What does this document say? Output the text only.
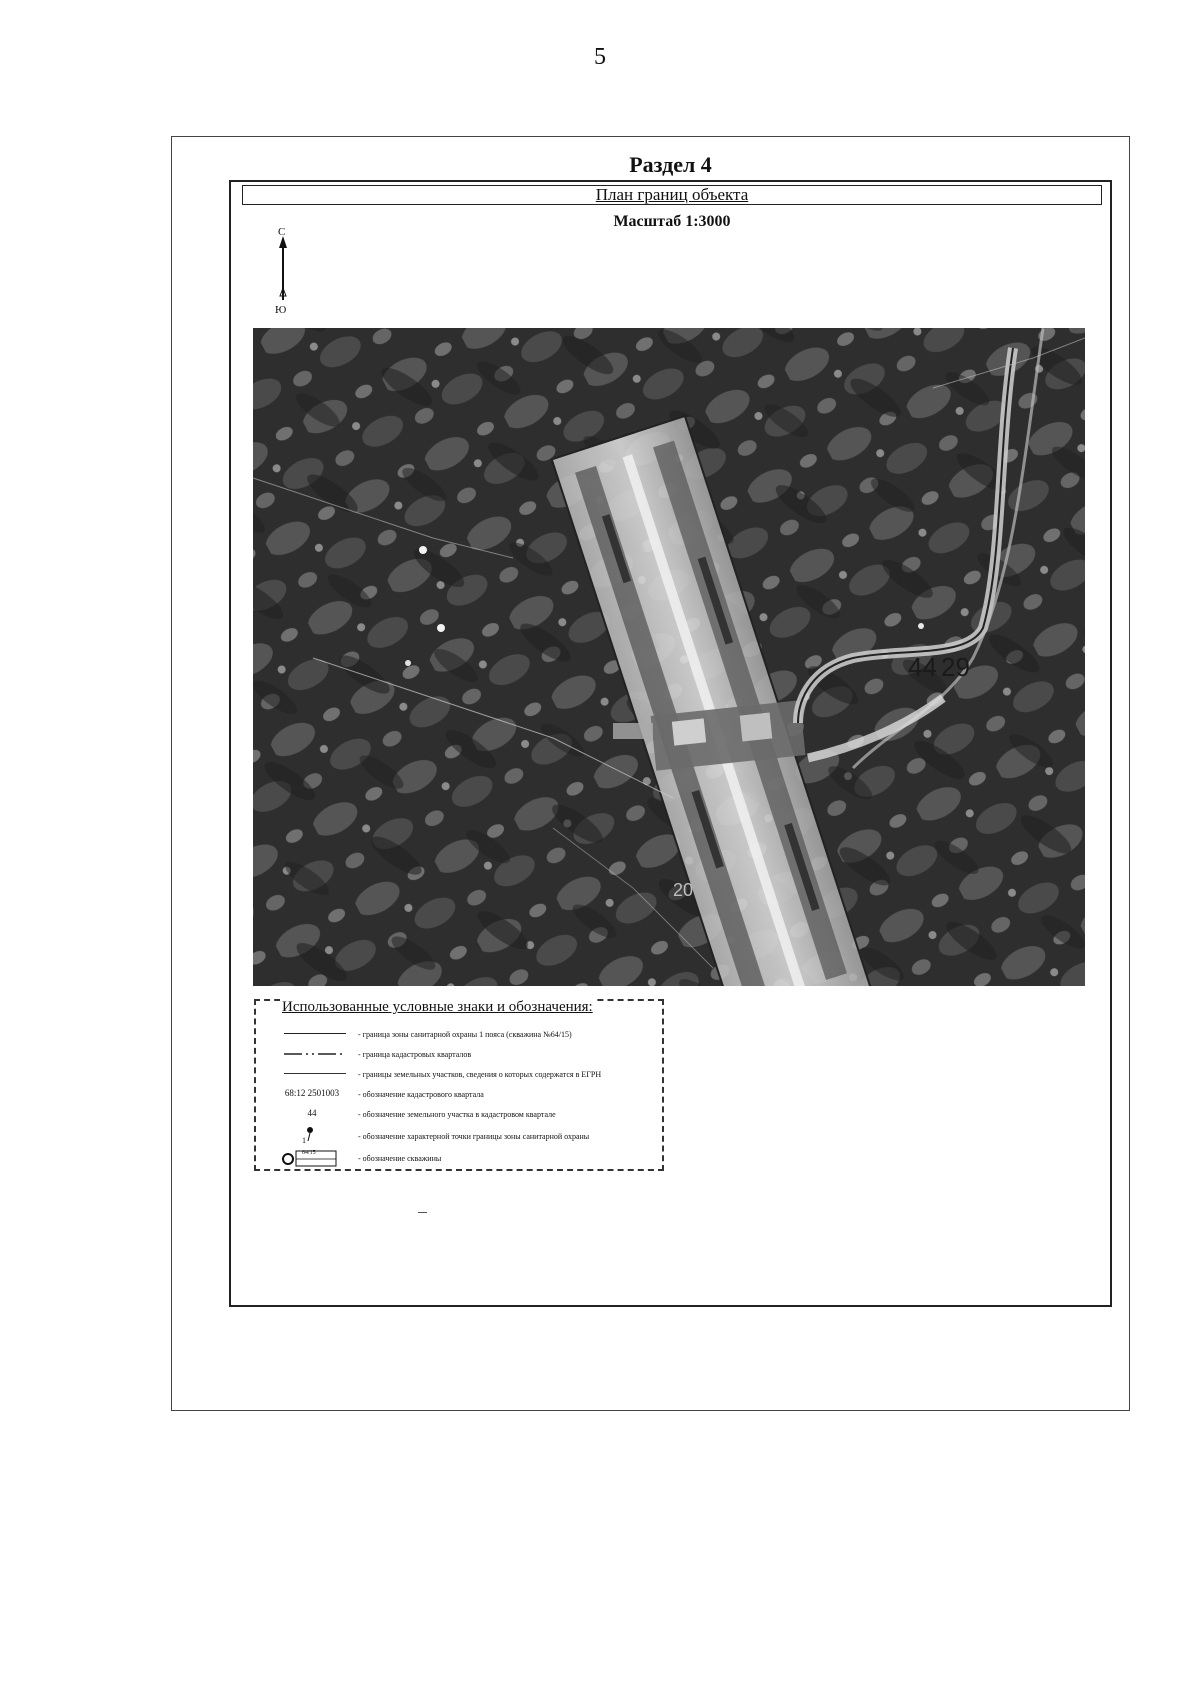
5
Раздел 4
План границ объекта
Масштаб 1:3000
С
Ю
44 29
20
Использованные условные знаки и обозначения:
- граница зоны санитарной охраны 1 пояса (скважина №64/15)
- граница кадастровых кварталов
- границы земельных участков, сведения о которых содержатся в ЕГРН
68:12 2501003	- обозначение кадастрового квартала
44	- обозначение земельного участка в кадастровом квартале
1	- обозначение характерной точки границы зоны санитарной охраны
64/15
- обозначение скважины
